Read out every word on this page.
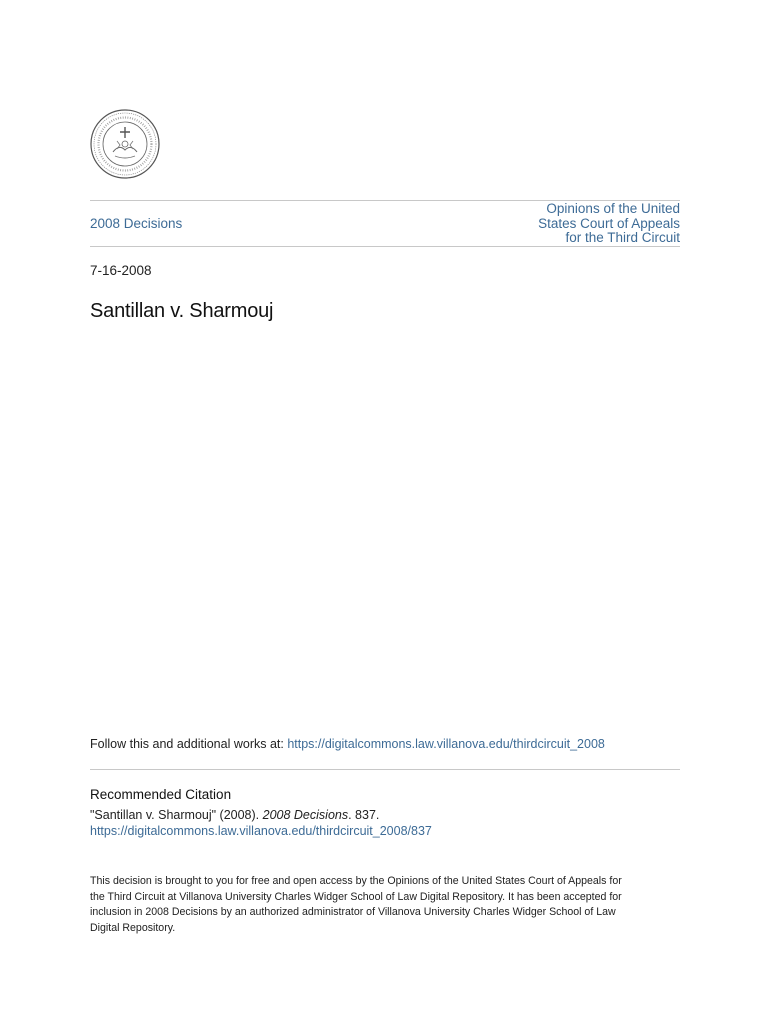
2008 Decisions
Opinions of the United
States Court of Appeals
for the Third Circuit
7-16-2008
Santillan v. Sharmouj
Follow this and additional works at: https://digitalcommons.law.villanova.edu/thirdcircuit_2008
Recommended Citation
"Santillan v. Sharmouj" (2008). 2008 Decisions. 837.
https://digitalcommons.law.villanova.edu/thirdcircuit_2008/837
This decision is brought to you for free and open access by the Opinions of the United States Court of Appeals for
the Third Circuit at Villanova University Charles Widger School of Law Digital Repository. It has been accepted for
inclusion in 2008 Decisions by an authorized administrator of Villanova University Charles Widger School of Law
Digital Repository.
